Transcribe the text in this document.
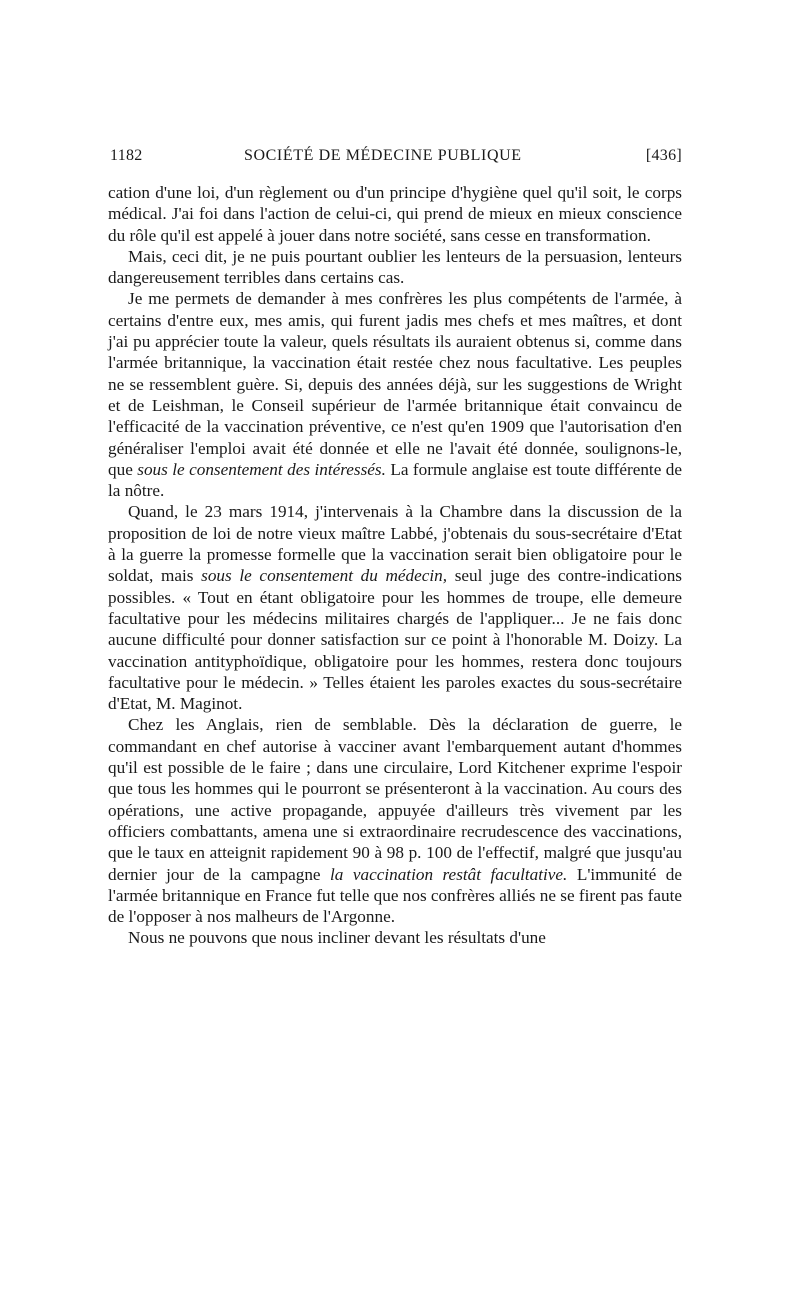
1182	SOCIÉTÉ DE MÉDECINE PUBLIQUE	[436]

cation d'une loi, d'un règlement ou d'un principe d'hygiène quel qu'il soit, le corps médical. J'ai foi dans l'action de celui-ci, qui prend de mieux en mieux conscience du rôle qu'il est appelé à jouer dans notre société, sans cesse en transformation.

Mais, ceci dit, je ne puis pourtant oublier les lenteurs de la persuasion, lenteurs dangereusement terribles dans certains cas.

Je me permets de demander à mes confrères les plus compétents de l'armée, à certains d'entre eux, mes amis, qui furent jadis mes chefs et mes maîtres, et dont j'ai pu apprécier toute la valeur, quels résultats ils auraient obtenus si, comme dans l'armée britannique, la vaccination était restée chez nous facultative. Les peuples ne se ressemblent guère. Si, depuis des années déjà, sur les suggestions de Wright et de Leishman, le Conseil supérieur de l'armée britannique était convaincu de l'efficacité de la vaccination préventive, ce n'est qu'en 1909 que l'autorisation d'en généraliser l'emploi avait été donnée et elle ne l'avait été donnée, soulignons-le, que sous le consentement des intéressés. La formule anglaise est toute différente de la nôtre.

Quand, le 23 mars 1914, j'intervenais à la Chambre dans la discussion de la proposition de loi de notre vieux maître Labbé, j'obtenais du sous-secrétaire d'Etat à la guerre la promesse formelle que la vaccination serait bien obligatoire pour le soldat, mais sous le consentement du médecin, seul juge des contre-indications possibles. « Tout en étant obligatoire pour les hommes de troupe, elle demeure facultative pour les médecins militaires chargés de l'appliquer... Je ne fais donc aucune difficulté pour donner satisfaction sur ce point à l'honorable M. Doizy. La vaccination antityphoïdique, obligatoire pour les hommes, restera donc toujours facultative pour le médecin. » Telles étaient les paroles exactes du sous-secrétaire d'Etat, M. Maginot.

Chez les Anglais, rien de semblable. Dès la déclaration de guerre, le commandant en chef autorise à vacciner avant l'embarquement autant d'hommes qu'il est possible de le faire ; dans une circulaire, Lord Kitchener exprime l'espoir que tous les hommes qui le pourront se présenteront à la vaccination. Au cours des opérations, une active propagande, appuyée d'ailleurs très vivement par les officiers combattants, amena une si extraordinaire recrudescence des vaccinations, que le taux en atteignit rapidement 90 à 98 p. 100 de l'effectif, malgré que jusqu'au dernier jour de la campagne la vaccination restât facultative. L'immunité de l'armée britannique en France fut telle que nos confrères alliés ne se firent pas faute de l'opposer à nos malheurs de l'Argonne.

Nous ne pouvons que nous incliner devant les résultats d'une
